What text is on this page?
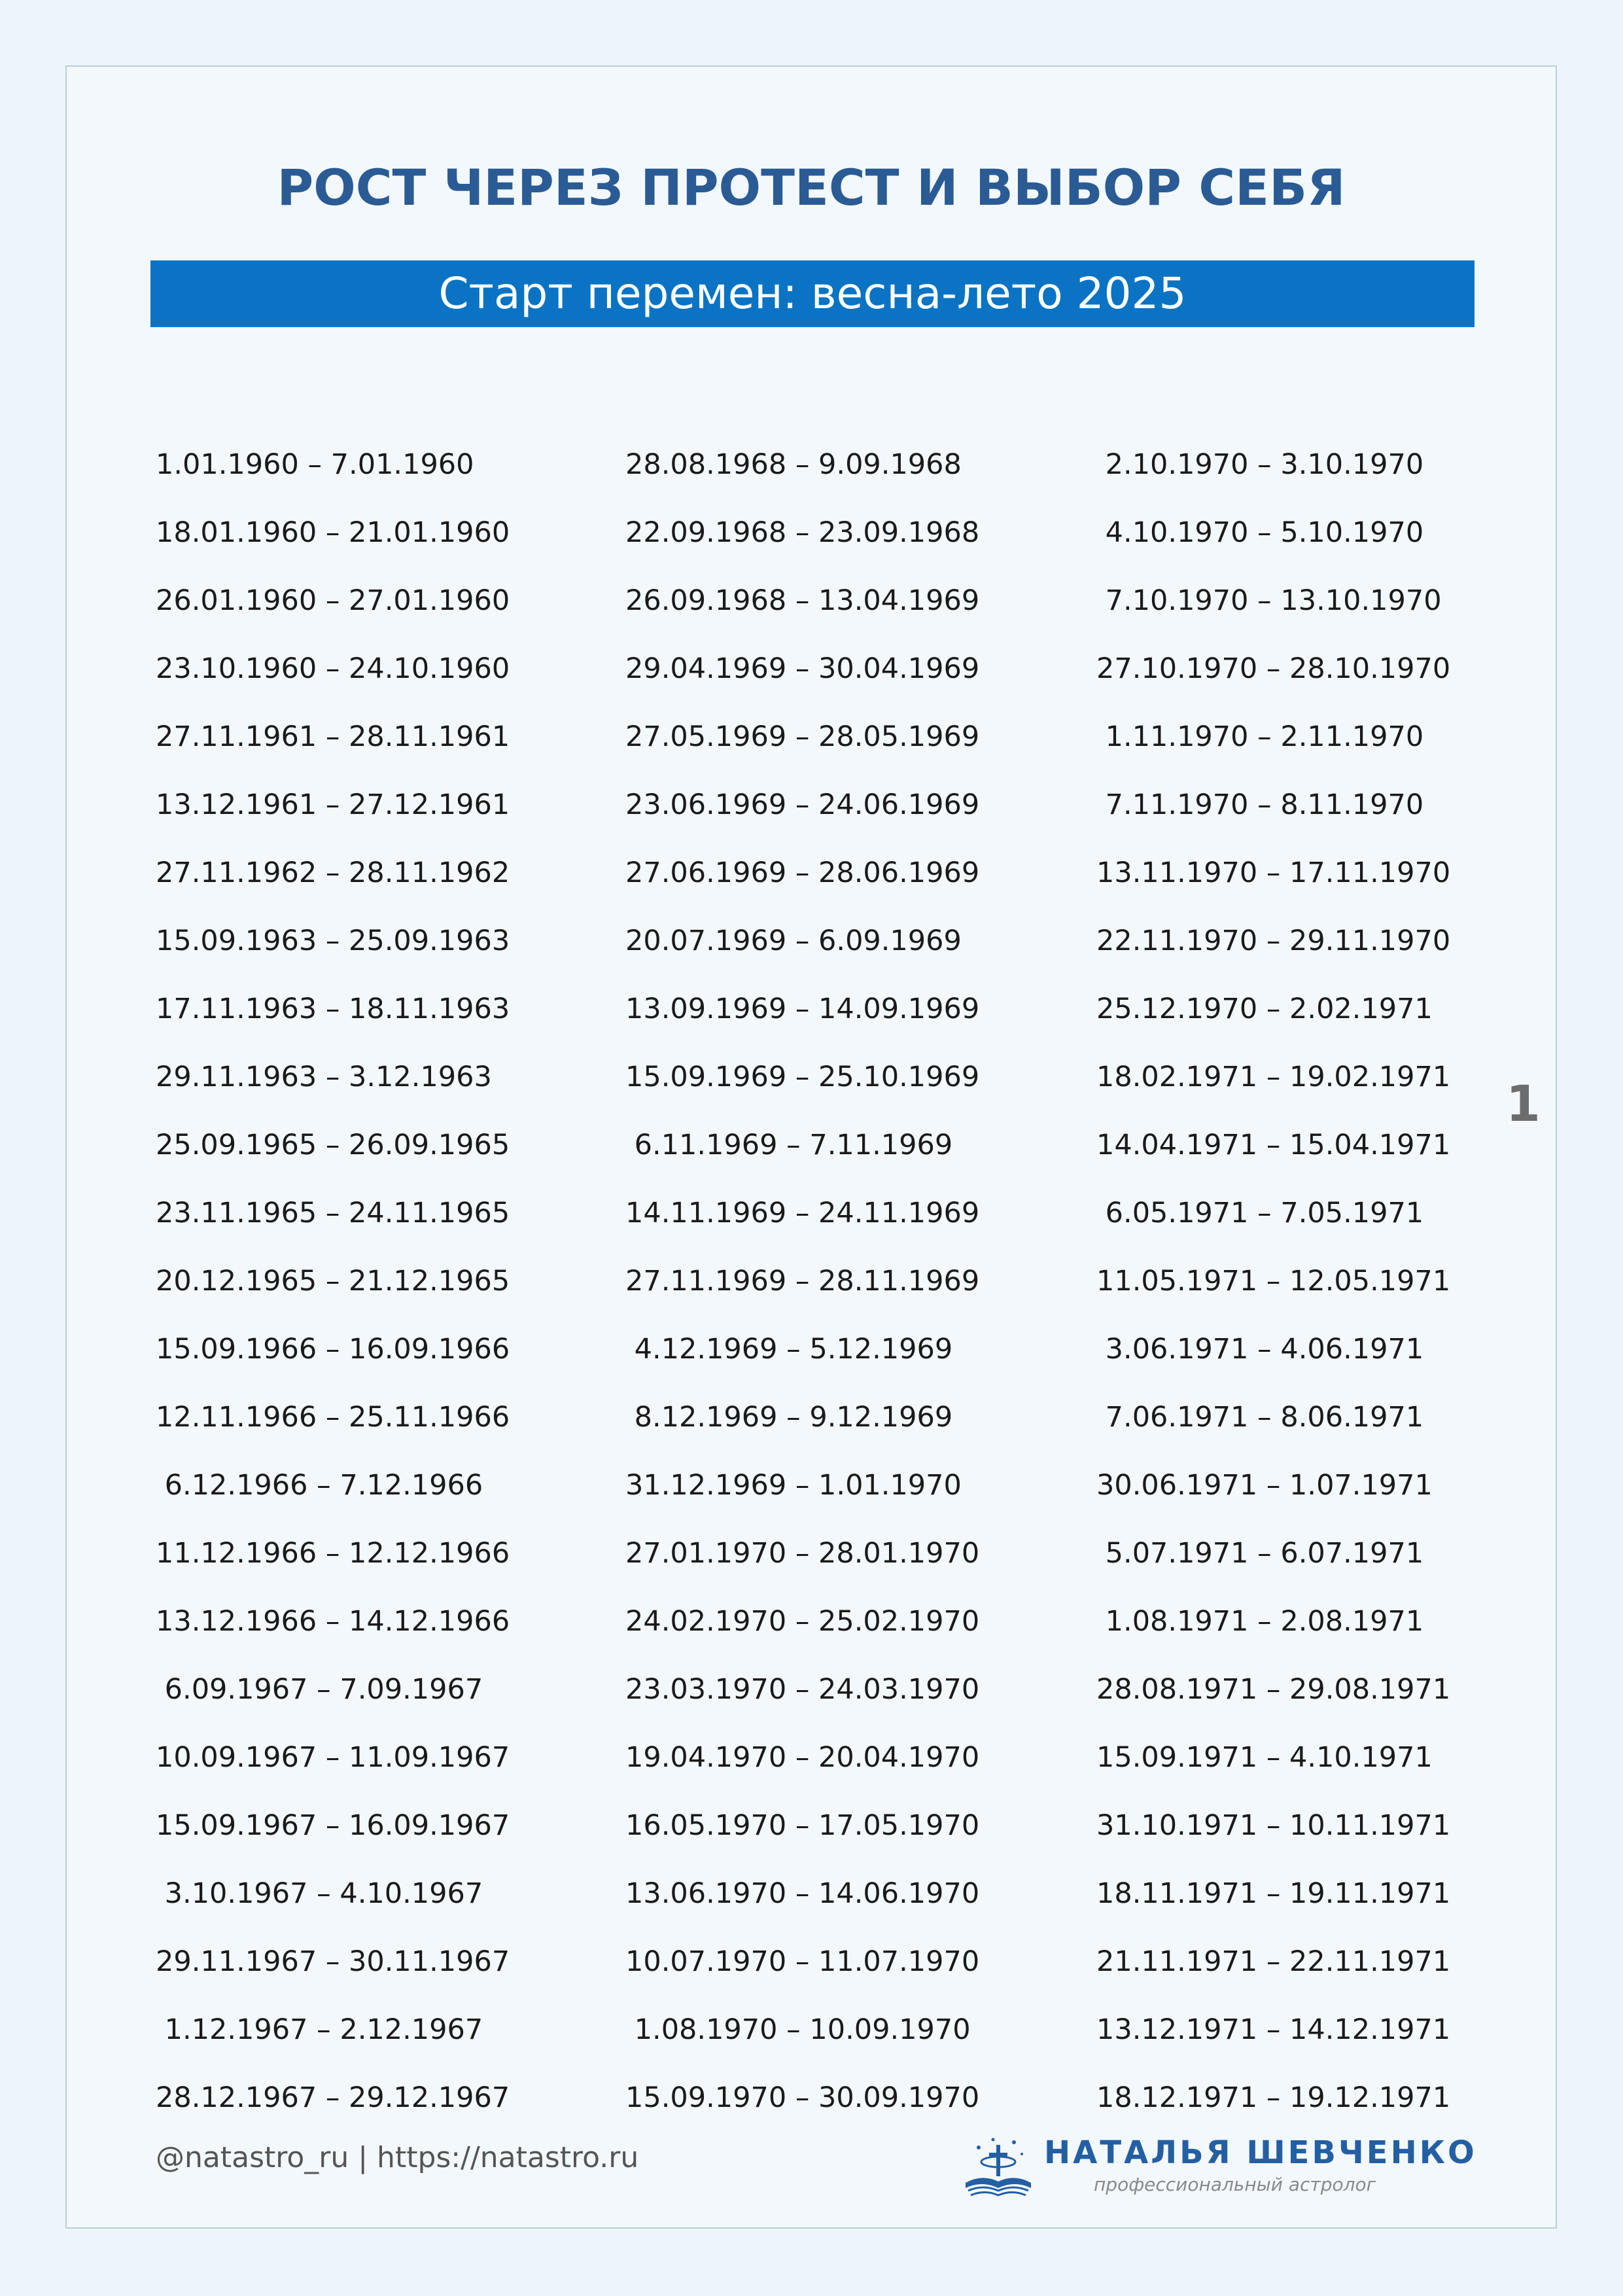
РОСТ ЧЕРЕЗ ПРОТЕСТ И ВЫБОР СЕБЯ
Старт перемен: весна-лето 2025
1.01.1960 – 7.01.1960
18.01.1960 – 21.01.1960
26.01.1960 – 27.01.1960
23.10.1960 – 24.10.1960
27.11.1961 – 28.11.1961
13.12.1961 – 27.12.1961
27.11.1962 – 28.11.1962
15.09.1963 – 25.09.1963
17.11.1963 – 18.11.1963
29.11.1963 – 3.12.1963
25.09.1965 – 26.09.1965
23.11.1965 – 24.11.1965
20.12.1965 – 21.12.1965
15.09.1966 – 16.09.1966
12.11.1966 – 25.11.1966
6.12.1966 – 7.12.1966
11.12.1966 – 12.12.1966
13.12.1966 – 14.12.1966
6.09.1967 – 7.09.1967
10.09.1967 – 11.09.1967
15.09.1967 – 16.09.1967
3.10.1967 – 4.10.1967
29.11.1967 – 30.11.1967
1.12.1967 – 2.12.1967
28.12.1967 – 29.12.1967
28.08.1968 – 9.09.1968
22.09.1968 – 23.09.1968
26.09.1968 – 13.04.1969
29.04.1969 – 30.04.1969
27.05.1969 – 28.05.1969
23.06.1969 – 24.06.1969
27.06.1969 – 28.06.1969
20.07.1969 – 6.09.1969
13.09.1969 – 14.09.1969
15.09.1969 – 25.10.1969
6.11.1969 – 7.11.1969
14.11.1969 – 24.11.1969
27.11.1969 – 28.11.1969
4.12.1969 – 5.12.1969
8.12.1969 – 9.12.1969
31.12.1969 – 1.01.1970
27.01.1970 – 28.01.1970
24.02.1970 – 25.02.1970
23.03.1970 – 24.03.1970
19.04.1970 – 20.04.1970
16.05.1970 – 17.05.1970
13.06.1970 – 14.06.1970
10.07.1970 – 11.07.1970
1.08.1970 – 10.09.1970
15.09.1970 – 30.09.1970
2.10.1970 – 3.10.1970
4.10.1970 – 5.10.1970
7.10.1970 – 13.10.1970
27.10.1970 – 28.10.1970
1.11.1970 – 2.11.1970
7.11.1970 – 8.11.1970
13.11.1970 – 17.11.1970
22.11.1970 – 29.11.1970
25.12.1970 – 2.02.1971
18.02.1971 – 19.02.1971
14.04.1971 – 15.04.1971
6.05.1971 – 7.05.1971
11.05.1971 – 12.05.1971
3.06.1971 – 4.06.1971
7.06.1971 – 8.06.1971
30.06.1971 – 1.07.1971
5.07.1971 – 6.07.1971
1.08.1971 – 2.08.1971
28.08.1971 – 29.08.1971
15.09.1971 – 4.10.1971
31.10.1971 – 10.11.1971
18.11.1971 – 19.11.1971
21.11.1971 – 22.11.1971
13.12.1971 – 14.12.1971
18.12.1971 – 19.12.1971
1
@natastro_ru | https://natastro.ru	НАТАЛЬЯ ШЕВЧЕНКО
профессиональный астролог
